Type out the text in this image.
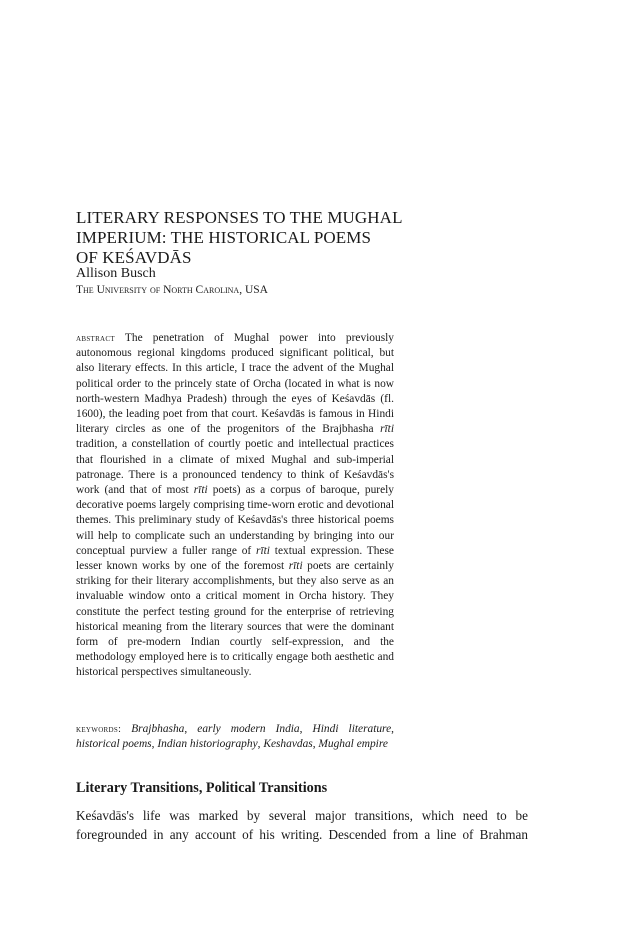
LITERARY RESPONSES TO THE MUGHAL
IMPERIUM: THE HISTORICAL POEMS
OF KEŚAVDĀS
Allison Busch
The University of North Carolina, USA

abstract The penetration of Mughal power into previously autonomous regional kingdoms produced significant political, but also literary effects. In this article, I trace the advent of the Mughal political order to the princely state of Orcha (located in what is now north-western Madhya Pradesh) through the eyes of Keśavdās (fl. 1600), the leading poet from that court. Keśavdās is famous in Hindi literary circles as one of the progenitors of the Brajbhasha rīti tradition, a constellation of courtly poetic and intellectual practices that flourished in a climate of mixed Mughal and sub-imperial patronage. There is a pronounced tendency to think of Keśavdās's work (and that of most rīti poets) as a corpus of baroque, purely decorative poems largely comprising time-worn erotic and devotional themes. This preliminary study of Keśavdās's three historical poems will help to complicate such an understanding by bringing into our conceptual purview a fuller range of rīti textual expression. These lesser known works by one of the foremost rīti poets are certainly striking for their literary accomplishments, but they also serve as an invaluable window onto a critical moment in Orcha history. They constitute the perfect testing ground for the enterprise of retrieving historical meaning from the literary sources that were the dominant form of pre-modern Indian courtly self-expression, and the methodology employed here is to critically engage both aesthetic and historical perspectives simultaneously.

keywords: Brajbhasha, early modern India, Hindi literature, historical poems, Indian historiography, Keshavdas, Mughal empire

Literary Transitions, Political Transitions

Keśavdās's life was marked by several major transitions, which need to be
foregrounded in any account of his writing. Descended from a line of Brahman
